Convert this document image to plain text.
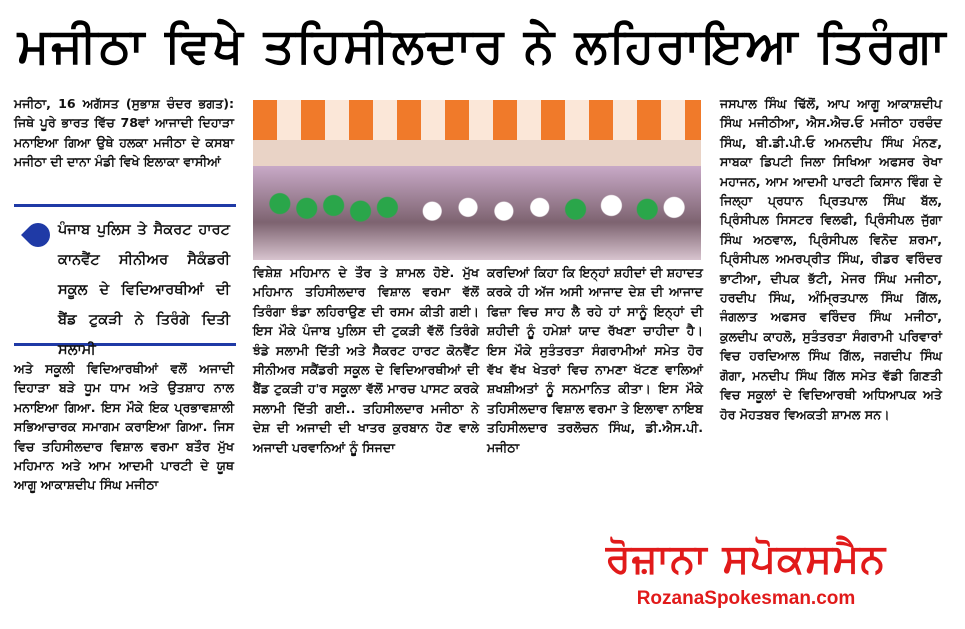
ਮਜੀਠਾ ਵਿਖੇ ਤਹਿਸੀਲਦਾਰ ਨੇ ਲਹਿਰਾਇਆ ਤਿਰੰਗਾ

ਮਜੀਠਾ, 16 ਅਗੱਸਤ (ਸੁਭਾਸ਼ ਚੰਦਰ ਭਗਤ): ਜਿਥੇ ਪੂਰੇ ਭਾਰਤ ਵਿੱਚ 78ਵਾਂ ਆਜਾਦੀ ਦਿਹਾੜਾ ਮਨਾਇਆ ਗਿਆ ਉਥੇ ਹਲਕਾ ਮਜੀਠਾ ਦੇ ਕਸਬਾ ਮਜੀਠਾ ਦੀ ਦਾਨਾ ਮੰਡੀ ਵਿਖੇ ਇਲਾਕਾ ਵਾਸੀਆਂ

ਪੰਜਾਬ ਪੁਲਿਸ ਤੇ ਸੈਕਰਟ ਹਾਰਟ ਕਾਨਵੈਂਟ ਸੀਨੀਅਰ ਸੈਕੰਡਰੀ ਸਕੂਲ ਦੇ ਵਿਦਿਆਰਥੀਆਂ ਦੀ ਬੈਂਡ ਟੁਕੜੀ ਨੇ ਤਿਰੰਗੇ ਦਿਤੀ ਸਲਾਮੀ

ਅਤੇ ਸਕੂਲੀ ਵਿਦਿਆਰਥੀਆਂ ਵਲੋਂ ਅਜਾਦੀ ਦਿਹਾੜਾ ਬੜੇ ਧੂਮ ਧਾਮ ਅਤੇ ਉਤਸ਼ਾਹ ਨਾਲ ਮਨਾਇਆ ਗਿਆ. ਇਸ ਮੌਕੇ ਇਕ ਪ੍ਰਭਾਵਸ਼ਾਲੀ ਸਭਿਆਚਾਰਕ ਸਮਾਗਮ ਕਰਾਇਆ ਗਿਆ. ਜਿਸ ਵਿਚ ਤਹਿਸੀਲਦਾਰ ਵਿਸ਼ਾਲ ਵਰਮਾ ਬਤੌਰ ਮੁੱਖ ਮਹਿਮਾਨ ਅਤੇ ਆਮ ਆਦਮੀ ਪਾਰਟੀ ਦੇ ਯੂਥ ਆਗੂ ਆਕਾਸ਼ਦੀਪ ਸਿੰਘ ਮਜੀਠਾ

ਵਿਸ਼ੇਸ਼ ਮਹਿਮਾਨ ਦੇ ਤੌਰ ਤੇ ਸ਼ਾਮਲ ਹੋਏ. ਮੁੱਖ ਮਹਿਮਾਨ ਤਹਿਸੀਲਦਾਰ ਵਿਸ਼ਾਲ ਵਰਮਾ ਵੱਲੋਂ ਤਿਰੰਗਾ ਝੰਡਾ ਲਹਿਰਾਉਣ ਦੀ ਰਸਮ ਕੀਤੀ ਗਈ। ਇਸ ਮੌਕੇ ਪੰਜਾਬ ਪੁਲਿਸ ਦੀ ਟੁਕੜੀ ਵੱਲੋਂ ਤਿਰੰਗੇ ਝੰਡੇ ਸਲਾਮੀ ਦਿੱਤੀ ਅਤੇ ਸੈਕਰਟ ਹਾਰਟ ਕੋਨਵੈਂਟ ਸੀਨੀਅਰ ਸਕੈਂਡਰੀ ਸਕੂਲ ਦੇ ਵਿਦਿਆਰਥੀਆਂ ਦੀ ਬੈਂਡ ਟੁਕੜੀ ਹ'ਰ ਸਕੂਲਾ ਵੱਲੋਂ ਮਾਰਚ ਪਾਸਟ ਕਰਕੇ ਸਲਾਮੀ ਦਿੱਤੀ ਗਈ.. ਤਹਿਸੀਲਦਾਰ ਮਜੀਠਾ ਨੇ ਦੇਸ਼ ਦੀ ਅਜਾਦੀ ਦੀ ਖਾਤਰ ਕੁਰਬਾਨ ਹੋਣ ਵਾਲੇ ਅਜਾਦੀ ਪਰਵਾਨਿਆਂ ਨੂੰ ਸਿਜਦਾ

ਕਰਦਿਆਂ ਕਿਹਾ ਕਿ ਇਨ੍ਹਾਂ ਸ਼ਹੀਦਾਂ ਦੀ ਸ਼ਹਾਦਤ ਕਰਕੇ ਹੀ ਅੱਜ ਅਸੀ ਆਜਾਦ ਦੇਸ਼ ਦੀ ਆਜਾਦ ਫਿਜ਼ਾ ਵਿਚ ਸਾਹ ਲੈ ਰਹੇ ਹਾਂ ਸਾਨੂੰ ਇਨ੍ਹਾਂ ਦੀ ਸ਼ਹੀਦੀ ਨੂੰ ਹਮੇਸ਼ਾਂ ਯਾਦ ਰੱਖਣਾ ਚਾਹੀਦਾ ਹੈ। ਇਸ ਮੌਕੇ ਸੁਤੰਤਰਤਾ ਸੰਗਰਾਮੀਆਂ ਸਮੇਤ ਹੋਰ ਵੱਖ ਵੱਖ ਖੇਤਰਾਂ ਵਿਚ ਨਾਮਣਾ ਖੱਟਣ ਵਾਲਿਆਂ ਸ਼ਖਸ਼ੀਅਤਾਂ ਨੂੰ ਸਨਮਾਨਿਤ ਕੀਤਾ। ਇਸ ਮੌਕੇ ਤਹਿਸੀਲਦਾਰ ਵਿਸ਼ਾਲ ਵਰਮਾ ਤੇ ਇਲਾਵਾ ਨਾਇਬ ਤਹਿਸੀਲਦਾਰ ਤਰਲੋਚਨ ਸਿੰਘ, ਡੀ.ਐਸ.ਪੀ. ਮਜੀਠਾ

ਜਸਪਾਲ ਸਿੰਘ ਢਿੱਲੋਂ, ਆਪ ਆਗੂ ਆਕਾਸ਼ਦੀਪ ਸਿੰਘ ਮਜੀਠੀਆ, ਐਸ.ਐਚ.ਓ ਮਜੀਠਾ ਹਰਚੰਦ ਸਿੰਘ, ਬੀ.ਡੀ.ਪੀ.ਓ ਅਮਨਦੀਪ ਸਿੰਘ ਮੰਨਣ, ਸਾਬਕਾ ਡਿਪਟੀ ਜਿਲਾ ਸਿਖਿਆ ਅਫਸਰ ਰੇਖਾ ਮਹਾਜਨ, ਆਮ ਆਦਮੀ ਪਾਰਟੀ ਕਿਸਾਨ ਵਿੰਗ ਦੇ ਜਿਲ੍ਹਾ ਪ੍ਰਧਾਨ ਪ੍ਰਿਤਪਾਲ ਸਿੰਘ ਬੱਲ, ਪ੍ਰਿੰਸੀਪਲ ਸਿਸਟਰ ਵਿਲਫੀ, ਪ੍ਰਿੰਸੀਪਲ ਜੁੱਗਾ ਸਿੰਘ ਅਠਵਾਲ, ਪ੍ਰਿੰਸੀਪਲ ਵਿਨੋਦ ਸ਼ਰਮਾ, ਪ੍ਰਿੰਸੀਪਲ ਅਮਰਪ੍ਰੀਤ ਸਿੰਘ, ਰੀਡਰ ਵਰਿੰਦਰ ਭਾਟੀਆ, ਦੀਪਕ ਭੱਟੀ, ਮੇਜਰ ਸਿੰਘ ਮਜੀਠਾ, ਹਰਦੀਪ ਸਿੰਘ, ਅੰਮ੍ਰਿਤਪਾਲ ਸਿੰਘ ਗਿੱਲ, ਜੰਗਲਾਤ ਅਫਸਰ ਵਰਿੰਦਰ ਸਿੰਘ ਮਜੀਠਾ, ਕੁਲਦੀਪ ਕਾਹਲੋ, ਸੁਤੰਤਰਤਾ ਸੰਗਰਾਮੀ ਪਰਿਵਾਰਾਂ ਵਿਚ ਹਰਦਿਆਲ ਸਿੰਘ ਗਿੱਲ, ਜਗਦੀਪ ਸਿੰਘ ਗੋਗਾ, ਮਨਦੀਪ ਸਿੰਘ ਗਿੱਲ ਸਮੇਤ ਵੱਡੀ ਗਿਣਤੀ ਵਿਚ ਸਕੂਲਾਂ ਦੇ ਵਿਦਿਆਰਥੀ ਅਧਿਆਪਕ ਅਤੇ ਹੋਰ ਮੋਹਤਬਰ ਵਿਅਕਤੀ ਸ਼ਾਮਲ ਸਨ।

ਰੋਜ਼ਾਨਾ ਸਪੋਕਸਮੈਨ
RozanaSpokesman.com
